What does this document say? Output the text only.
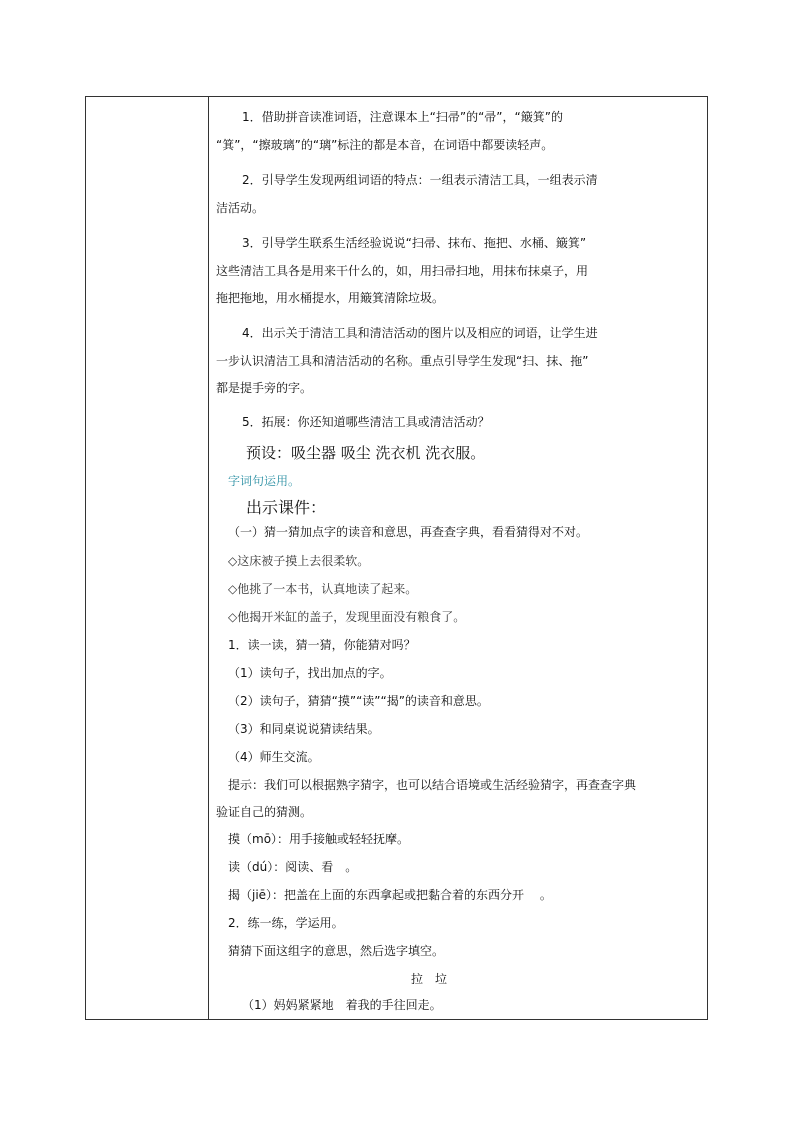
1．借助拼音读准词语，注意课本上“扫帚”的“帚”，“簸箕”的
“箕”，“擦玻璃”的“璃”标注的都是本音，在词语中都要读轻声。
2．引导学生发现两组词语的特点：一组表示清洁工具，一组表示清
洁活动。
3．引导学生联系生活经验说说“扫帚、抹布、拖把、水桶、簸箕”
这些清洁工具各是用来干什么的，如，用扫帚扫地，用抹布抹桌子，用
拖把拖地，用水桶提水，用簸箕清除垃圾。
4．出示关于清洁工具和清洁活动的图片以及相应的词语，让学生进
一步认识清洁工具和清洁活动的名称。重点引导学生发现“扫、抹、拖”
都是提手旁的字。
5．拓展：你还知道哪些清洁工具或清洁活动？
预设：吸尘器 吸尘 洗衣机 洗衣服。
字词句运用。
出示课件：
（一）猜一猜加点字的读音和意思，再查查字典，看看猜得对不对。
◇这床被子摸上去很柔软。
◇他挑了一本书，认真地读了起来。
◇他揭开米缸的盖子，发现里面没有粮食了。
1．读一读，猜一猜，你能猜对吗？
（1）读句子，找出加点的字。
（2）读句子，猜猜“摸”“读”“揭”的读音和意思。
（3）和同桌说说猜读结果。
（4）师生交流。
提示：我们可以根据熟字猜字，也可以结合语境或生活经验猜字，再查查字典
验证自己的猜测。
摸（mō）：用手接触或轻轻抚摩。
读（dú）：阅读、看　。
揭（jiē）：把盖在上面的东西拿起或把黏合着的东西分开　 。
2．练一练，学运用。
猜猜下面这组字的意思，然后选字填空。
拉　垃
（1）妈妈紧紧地　着我的手往回走。
